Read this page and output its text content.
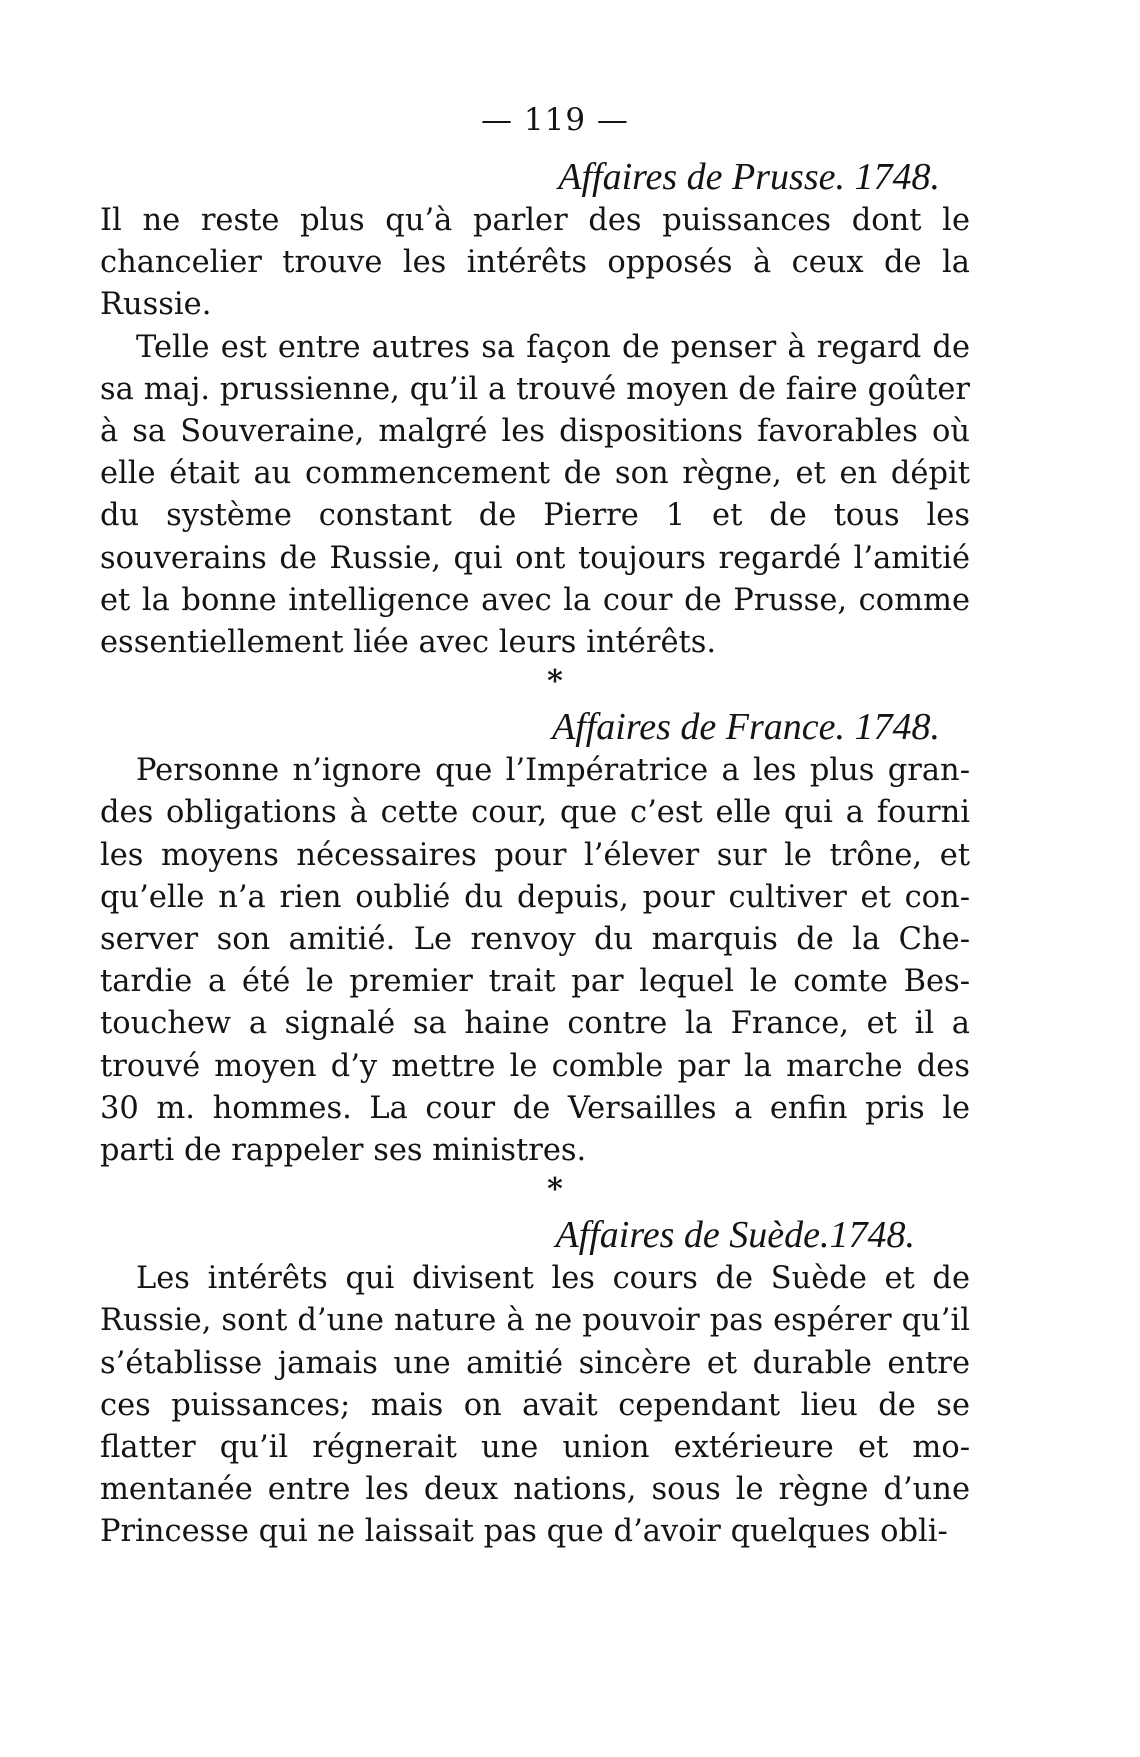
— 119 —
Affaires de Prusse. 1748.

Il ne reste plus qu’à parler des puissances dont le chancelier trouve les intérêts opposés à ceux de la Russie.

Telle est entre autres sa façon de penser à regard de sa maj. prussienne, qu’il a trouvé moyen de faire goûter à sa Souveraine, malgré les dispositions favorables où elle était au commencement de son règne, et en dépit du système constant de Pierre 1 et de tous les souverains de Russie, qui ont toujours regardé l’amitié et la bonne intelligence avec la cour de Prusse, comme essentiellement liée avec leurs intérêts.

*
Affaires de France. 1748.

Personne n’ignore que l’Impératrice a les plus grandes obligations à cette cour, que c’est elle qui a fourni les moyens nécessaires pour l’élever sur le trône, et qu’elle n’a rien oublié du depuis, pour cultiver et conserver son amitié. Le renvoy du marquis de la Chetardie a été le premier trait par lequel le comte Bestouchew a signalé sa haine contre la France, et il a trouvé moyen d’y mettre le comble par la marche des 30 m. hommes. La cour de Versailles a enfin pris le parti de rappeler ses ministres.

*
Affaires de Suède.1748.

Les intérêts qui divisent les cours de Suède et de Russie, sont d’une nature à ne pouvoir pas espérer qu’il s’établisse jamais une amitié sincère et durable entre ces puissances; mais on avait cependant lieu de se flatter qu’il régnerait une union extérieure et momentanée entre les deux nations, sous le règne d’une Princesse qui ne laissait pas que d’avoir quelques obli-
